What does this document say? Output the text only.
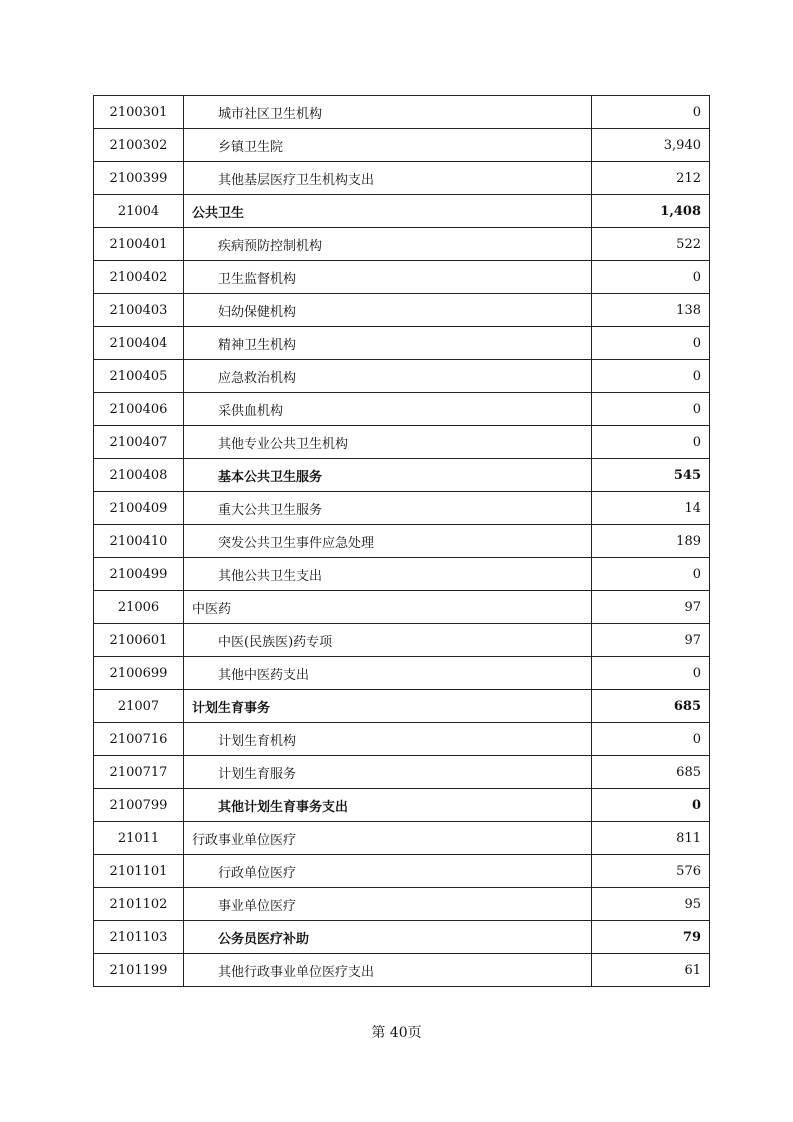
2100301	城市社区卫生机构	0
2100302	乡镇卫生院	3,940
2100399	其他基层医疗卫生机构支出	212
21004	公共卫生	1,408
2100401	疾病预防控制机构	522
2100402	卫生监督机构	0
2100403	妇幼保健机构	138
2100404	精神卫生机构	0
2100405	应急救治机构	0
2100406	采供血机构	0
2100407	其他专业公共卫生机构	0
2100408	基本公共卫生服务	545
2100409	重大公共卫生服务	14
2100410	突发公共卫生事件应急处理	189
2100499	其他公共卫生支出	0
21006	中医药	97
2100601	中医(民族医)药专项	97
2100699	其他中医药支出	0
21007	计划生育事务	685
2100716	计划生育机构	0
2100717	计划生育服务	685
2100799	其他计划生育事务支出	0
21011	行政事业单位医疗	811
2101101	行政单位医疗	576
2101102	事业单位医疗	95
2101103	公务员医疗补助	79
2101199	其他行政事业单位医疗支出	61
第 40页
